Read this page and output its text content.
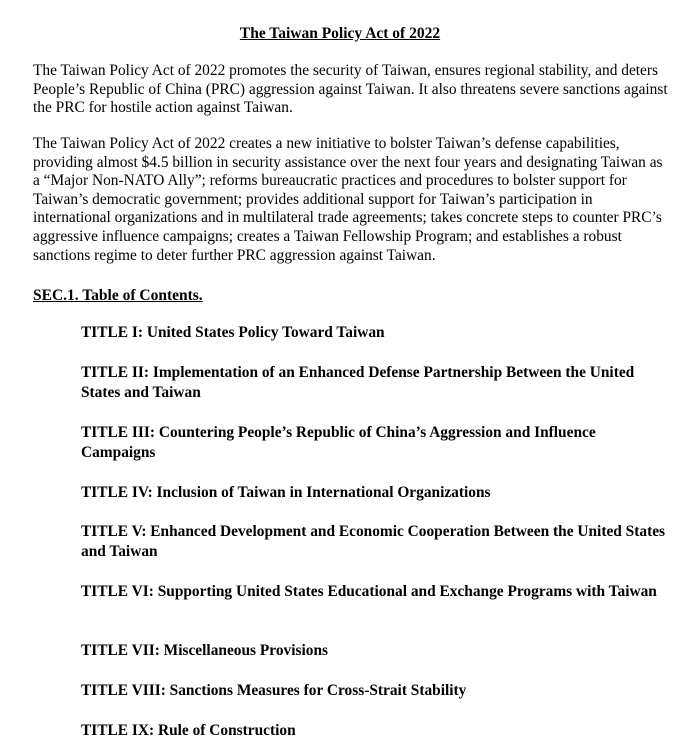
The Taiwan Policy Act of 2022

The Taiwan Policy Act of 2022 promotes the security of Taiwan, ensures regional stability, and deters People’s Republic of China (PRC) aggression against Taiwan. It also threatens severe sanctions against the PRC for hostile action against Taiwan.

The Taiwan Policy Act of 2022 creates a new initiative to bolster Taiwan’s defense capabilities, providing almost $4.5 billion in security assistance over the next four years and designating Taiwan as a “Major Non-NATO Ally”; reforms bureaucratic practices and procedures to bolster support for Taiwan’s democratic government; provides additional support for Taiwan’s participation in international organizations and in multilateral trade agreements; takes concrete steps to counter PRC’s aggressive influence campaigns; creates a Taiwan Fellowship Program; and establishes a robust sanctions regime to deter further PRC aggression against Taiwan.

SEC.1. Table of Contents.
TITLE I: United States Policy Toward Taiwan
TITLE II: Implementation of an Enhanced Defense Partnership Between the United States and Taiwan
TITLE III: Countering People’s Republic of China’s Aggression and Influence Campaigns
TITLE IV: Inclusion of Taiwan in International Organizations
TITLE V: Enhanced Development and Economic Cooperation Between the United States and Taiwan
TITLE VI: Supporting United States Educational and Exchange Programs with Taiwan
TITLE VII: Miscellaneous Provisions
TITLE VIII: Sanctions Measures for Cross-Strait Stability
TITLE IX: Rule of Construction
